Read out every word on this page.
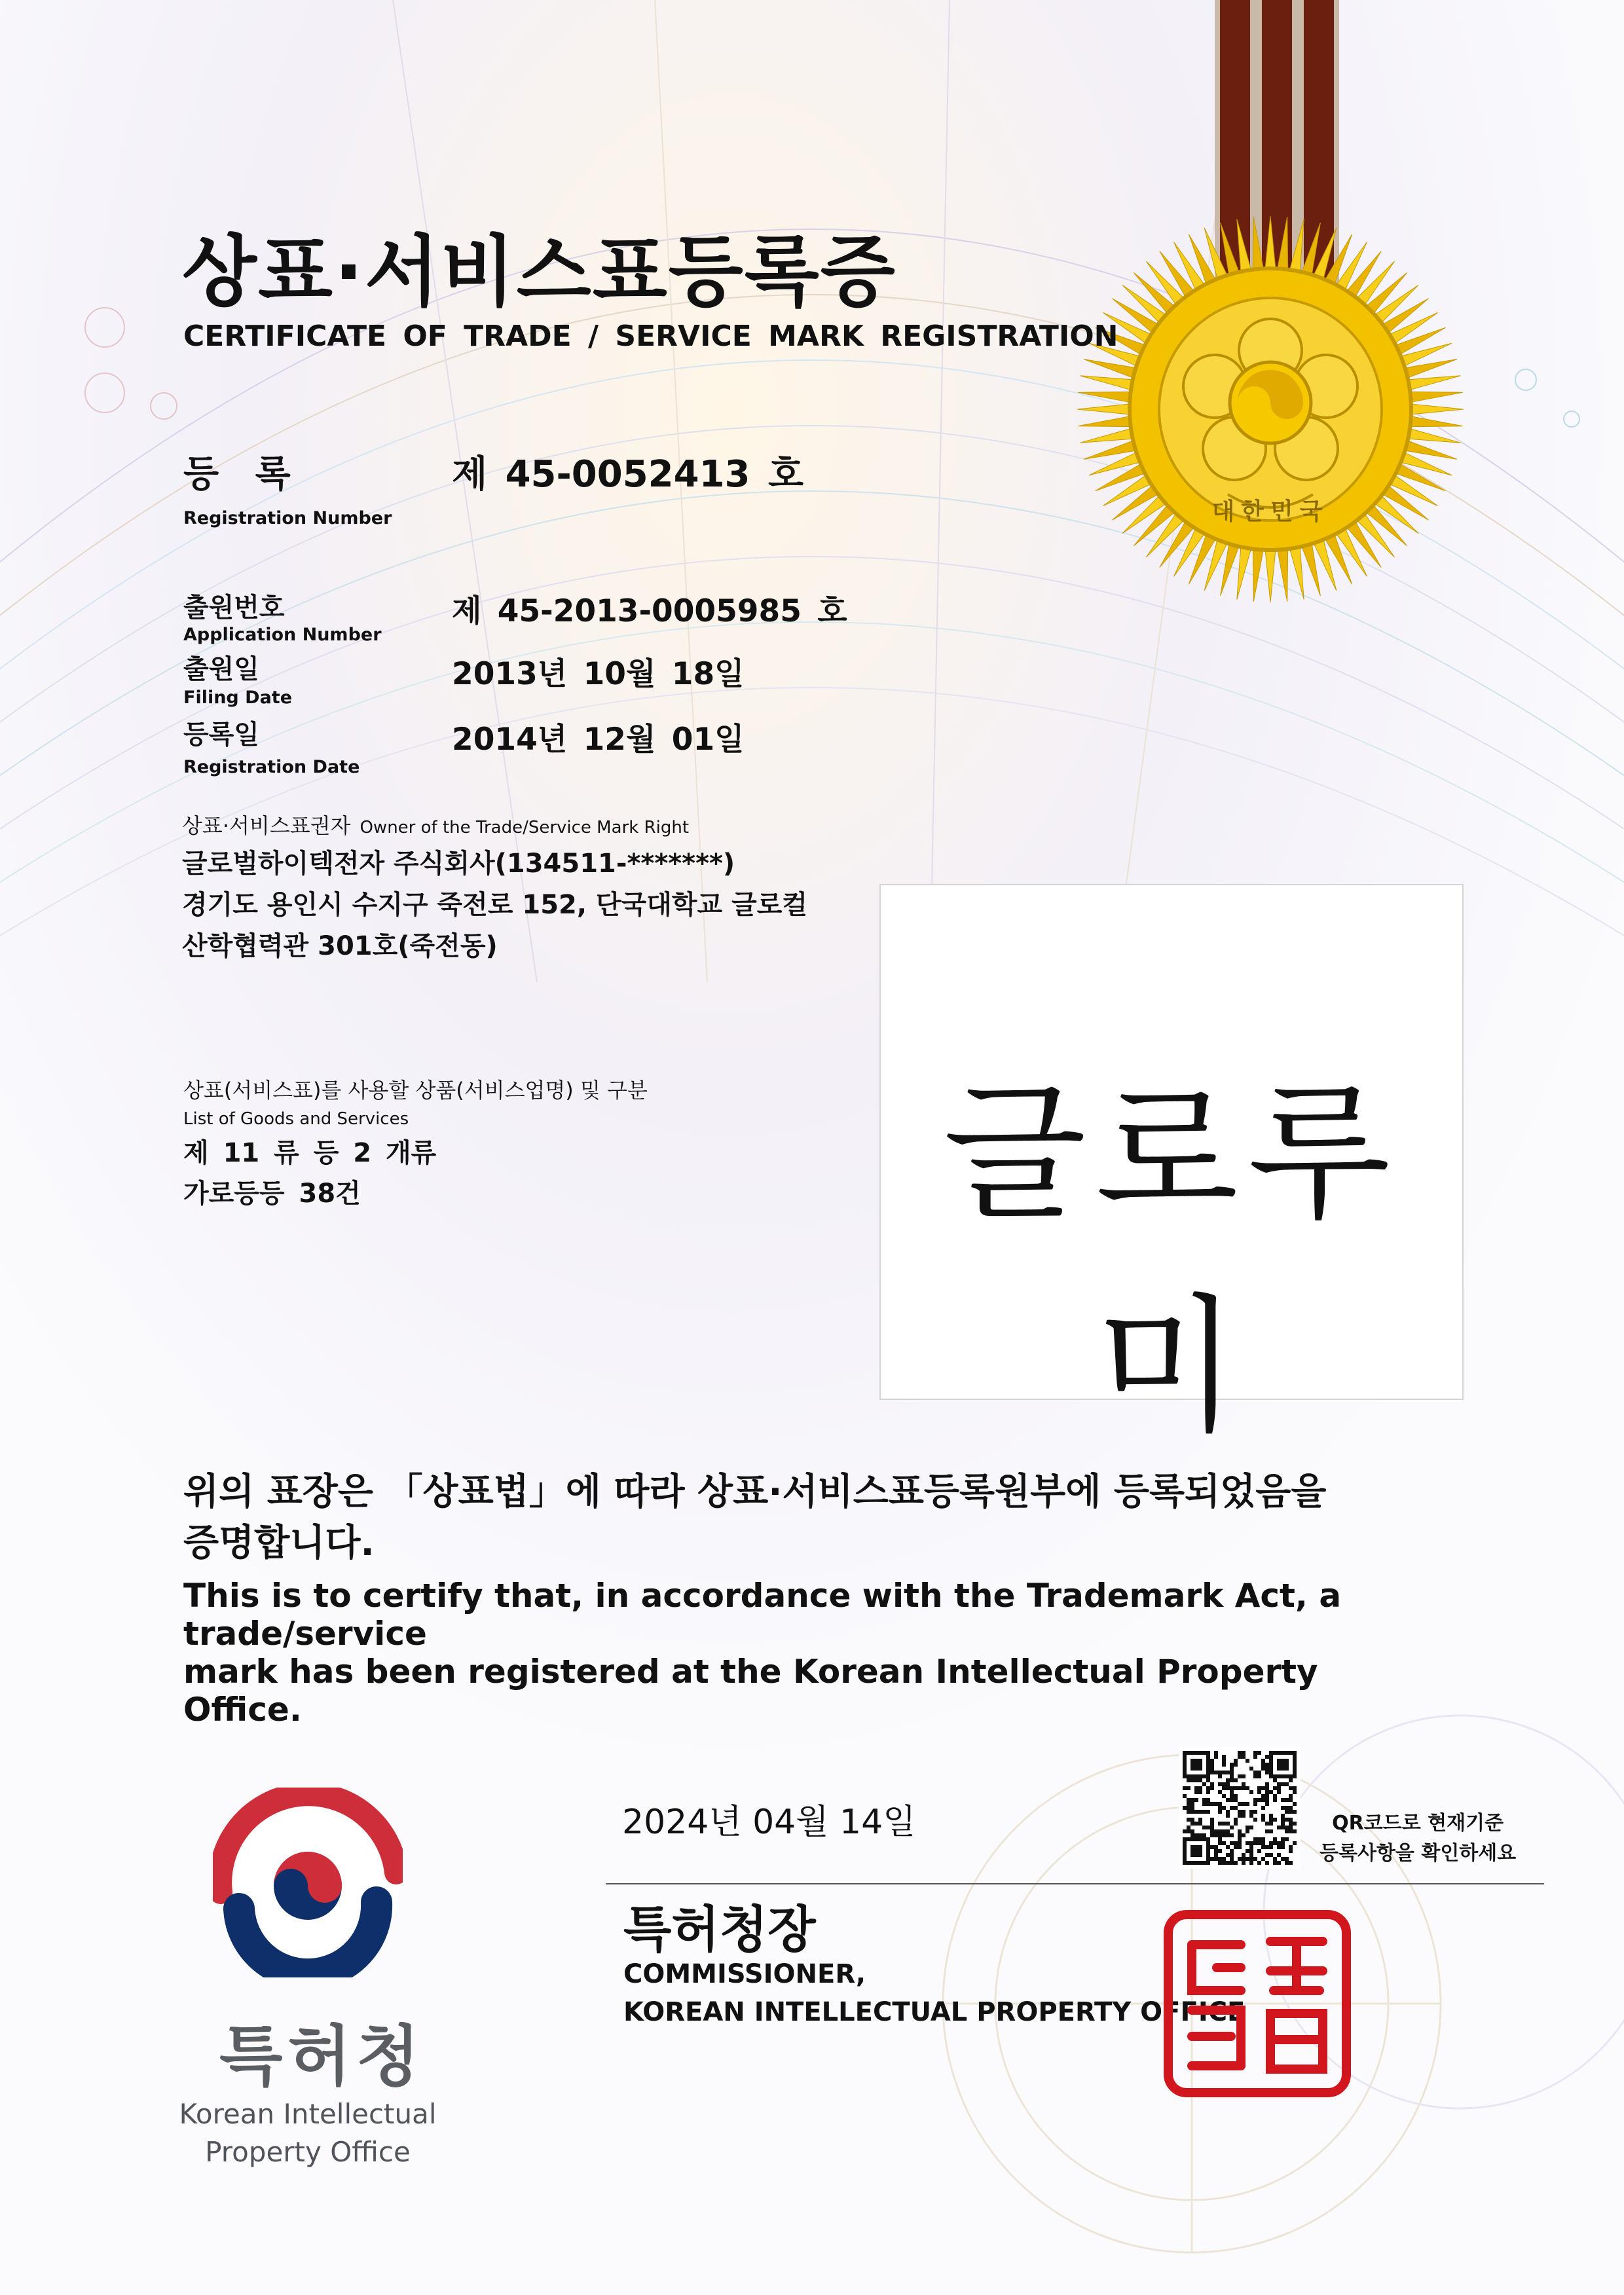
대한민국
상표·서비스표등록증
CERTIFICATE OF TRADE / SERVICE MARK REGISTRATION
등 록
Registration Number
제 45-0052413 호
출원번호
Application Number
제 45-2013-0005985 호
출원일
Filing Date
2013년 10월 18일
등록일
Registration Date
2014년 12월 01일
상표·서비스표권자 Owner of the Trade/Service Mark Right
글로벌하이텍전자 주식회사(134511-*******)
경기도 용인시 수지구 죽전로 152, 단국대학교 글로컬
산학협력관 301호(죽전동)
상표(서비스표)를 사용할 상품(서비스업명) 및 구분
List of Goods and Services
제 11 류 등 2 개류
가로등등 38건	글로루미
위의 표장은 「상표법」에 따라 상표·서비스표등록원부에 등록되었음을
증명합니다.
This is to certify that, in accordance with the Trademark Act, a trade/service
mark has been registered at the Korean Intellectual Property Office.
2024년 04월 14일	QR코드로 현재기준
등록사항을 확인하세요
특허청장
COMMISSIONER,
KOREAN INTELLECTUAL PROPERTY OFFICE
특허청
Korean Intellectual
Property Office
